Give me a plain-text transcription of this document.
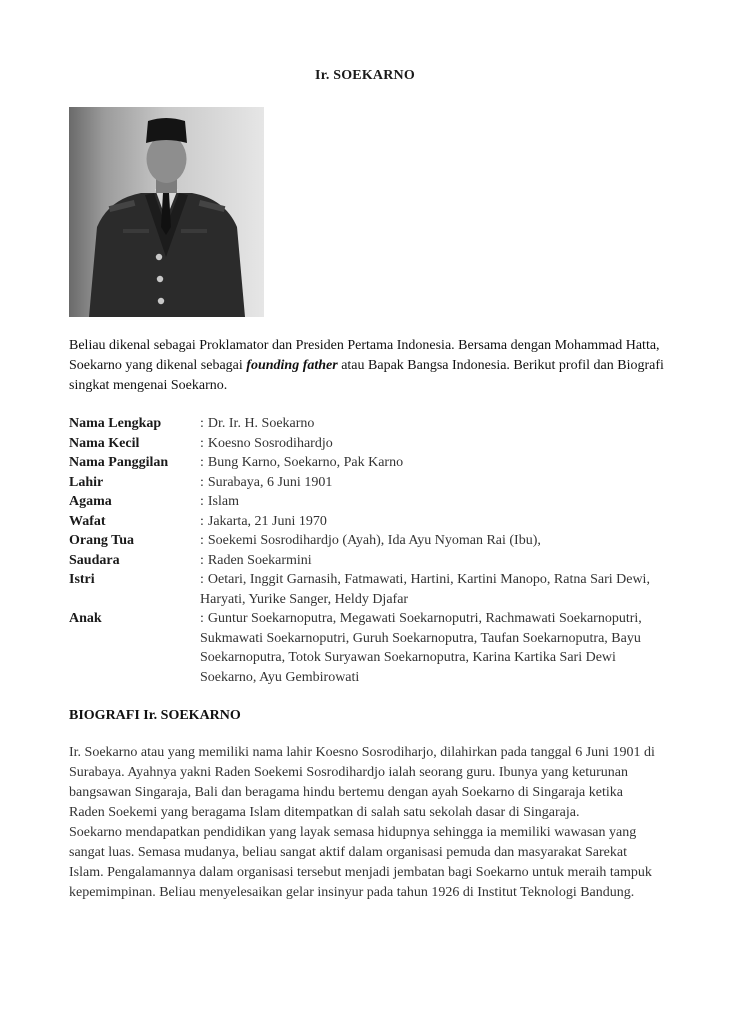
Ir. SOEKARNO
Beliau dikenal sebagai Proklamator dan Presiden Pertama Indonesia. Bersama dengan Mohammad Hatta, Soekarno yang dikenal sebagai founding father atau Bapak Bangsa Indonesia. Berikut profil dan Biografi singkat mengenai Soekarno.
Nama Lengkap	: Dr. Ir. H. Soekarno
Nama Kecil	: Koesno Sosrodihardjo
Nama Panggilan	: Bung Karno, Soekarno, Pak Karno
Lahir	: Surabaya, 6 Juni 1901
Agama	: Islam
Wafat	: Jakarta, 21 Juni 1970
Orang Tua	: Soekemi Sosrodihardjo (Ayah), Ida Ayu Nyoman Rai (Ibu),
Saudara	: Raden Soekarmini
Istri	: Oetari, Inggit Garnasih, Fatmawati, Hartini, Kartini Manopo, Ratna Sari Dewi, Haryati, Yurike Sanger, Heldy Djafar
Anak	: Guntur Soekarnoputra, Megawati Soekarnoputri, Rachmawati Soekarnoputri, Sukmawati Soekarnoputri, Guruh Soekarnoputra, Taufan Soekarnoputra, Bayu Soekarnoputra, Totok Suryawan Soekarnoputra, Karina Kartika Sari Dewi Soekarno, Ayu Gembirowati
BIOGRAFI Ir. SOEKARNO

Ir. Soekarno atau yang memiliki nama lahir Koesno Sosrodiharjo, dilahirkan pada tanggal 6 Juni 1901 di Surabaya. Ayahnya yakni Raden Soekemi Sosrodihardjo ialah seorang guru. Ibunya yang keturunan bangsawan Singaraja, Bali dan beragama hindu bertemu dengan ayah Soekarno di Singaraja ketika Raden Soekemi yang beragama Islam ditempatkan di salah satu sekolah dasar di Singaraja.

Soekarno mendapatkan pendidikan yang layak semasa hidupnya sehingga ia memiliki wawasan yang sangat luas. Semasa mudanya, beliau sangat aktif dalam organisasi pemuda dan masyarakat Sarekat Islam. Pengalamannya dalam organisasi tersebut menjadi jembatan bagi Soekarno untuk meraih tampuk kepemimpinan. Beliau menyelesaikan gelar insinyur pada tahun 1926 di Institut Teknologi Bandung.
